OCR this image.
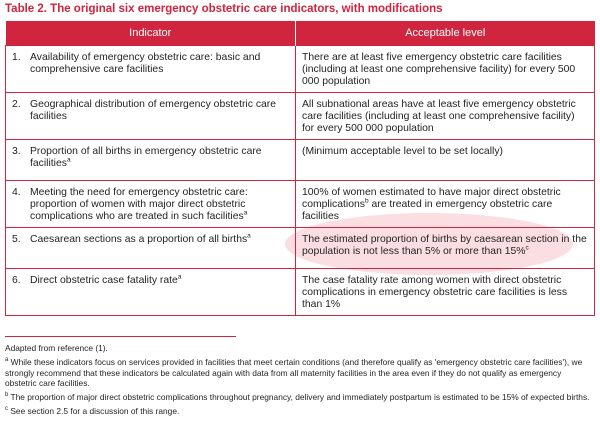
Table 2. The original six emergency obstetric care indicators, with modifications
Indicator	Acceptable level

1. Availability of emergency obstetric care: basic and comprehensive care facilities	There are at least five emergency obstetric care facilities (including at least one comprehensive facility) for every 500 000 population

2. Geographical distribution of emergency obstetric care facilities	All subnational areas have at least five emergency obstetric care facilities (including at least one comprehensive facility) for every 500 000 population

3. Proportion of all births in emergency obstetric care facilities$^a$	(Minimum acceptable level to be set locally)

4. Meeting the need for emergency obstetric care: proportion of women with major direct obstetric complications who are treated in such facilities$^a$	100% of women estimated to have major direct obstetric complications$^b$ are treated in emergency obstetric care facilities

5. Caesarean sections as a proportion of all births$^a$	The estimated proportion of births by caesarean section in the population is not less than 5% or more than 15%$^c$

6. Direct obstetric case fatality rate$^a$	The case fatality rate among women with direct obstetric complications in emergency obstetric care facilities is less than 1%

Adapted from reference (1).

$^a$ While these indicators focus on services provided in facilities that meet certain conditions (and therefore qualify as 'emergency obstetric care facilities'), we strongly recommend that these indicators be calculated again with data from all maternity facilities in the area even if they do not qualify as emergency obstetric care facilities.

$^b$ The proportion of major direct obstetric complications throughout pregnancy, delivery and immediately postpartum is estimated to be 15% of expected births.

$^c$ See section 2.5 for a discussion of this range.
